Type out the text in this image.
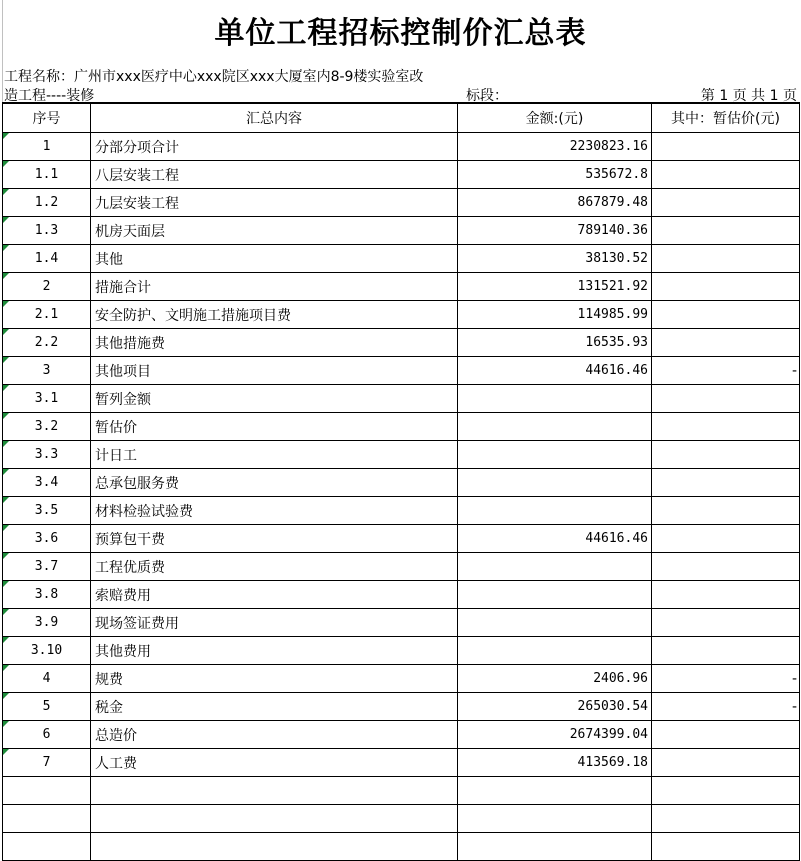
单位工程招标控制价汇总表
工程名称：广州市xxx医疗中心xxx院区xxx大厦室内8-9楼实验室改
造工程----装修	标段：	第 1 页 共 1 页
序号	汇总内容	金额:(元)	其中：暂估价(元)

1	分部分项合计	2230823.16	

1.1	八层安装工程	535672.8	

1.2	九层安装工程	867879.48	

1.3	机房天面层	789140.36	

1.4	其他	38130.52	

2	措施合计	131521.92	

2.1	安全防护、文明施工措施项目费	114985.99	

2.2	其他措施费	16535.93	

3	其他项目	44616.46	-

3.1	暂列金额		

3.2	暂估价		

3.3	计日工		

3.4	总承包服务费		

3.5	材料检验试验费		

3.6	预算包干费	44616.46	

3.7	工程优质费		

3.8	索赔费用		

3.9	现场签证费用		

3.10	其他费用		

4	规费	2406.96	-

5	税金	265030.54	-

6	总造价	2674399.04	

7	人工费	413569.18	
